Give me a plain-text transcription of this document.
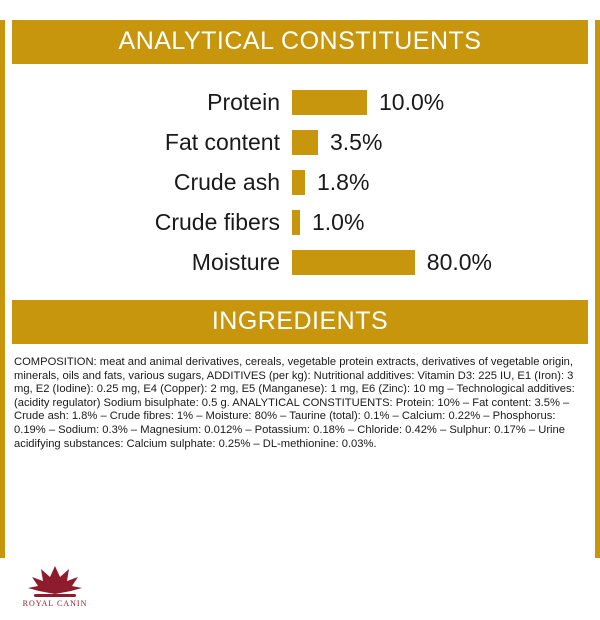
ANALYTICAL CONSTITUENTS
Protein	10.0%
Fat content	3.5%
Crude ash	1.8%
Crude fibers	1.0%
Moisture	80.0%
INGREDIENTS
COMPOSITION: meat and animal derivatives, cereals, vegetable protein extracts, derivatives of vegetable origin, minerals, oils and fats, various sugars, ADDITIVES (per kg): Nutritional additives: Vitamin D3: 225 IU, E1 (Iron): 3 mg, E2 (Iodine): 0.25 mg, E4 (Copper): 2 mg, E5 (Manganese): 1 mg, E6 (Zinc): 10 mg – Technological additives: (acidity regulator) Sodium bisulphate: 0.5 g. ANALYTICAL CONSTITUENTS: Protein: 10% – Fat content: 3.5% – Crude ash: 1.8% – Crude fibres: 1% – Moisture: 80% – Taurine (total): 0.1% – Calcium: 0.22% – Phosphorus: 0.19% – Sodium: 0.3% – Magnesium: 0.012% – Potassium: 0.18% – Chloride: 0.42% – Sulphur: 0.17% – Urine acidifying substances: Calcium sulphate: 0.25% – DL-methionine: 0.03%.
ROYAL CANIN
